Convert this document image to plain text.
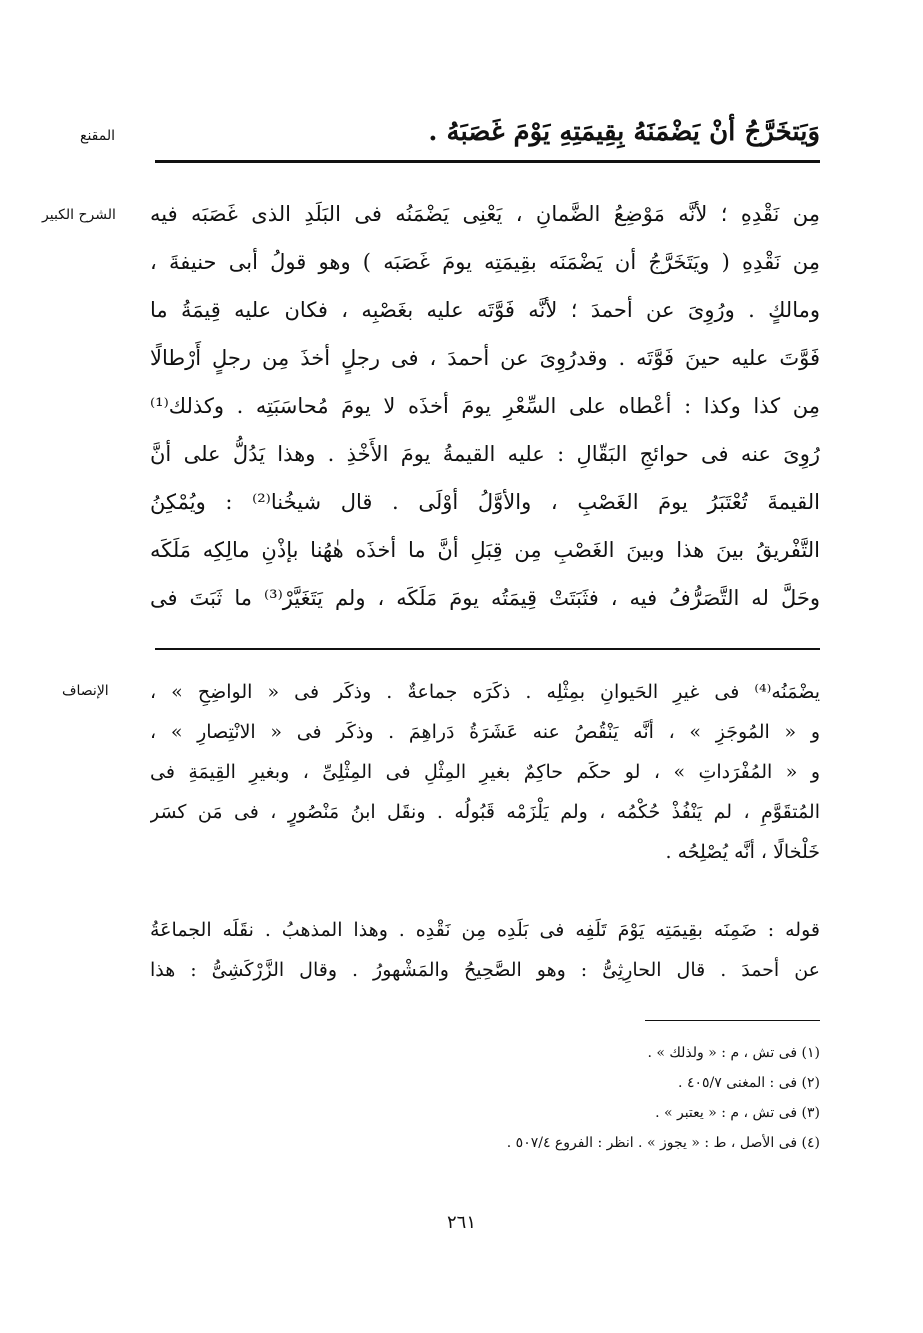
المقنع	وَيَتخَرَّجُ أنْ يَضْمَنَهُ بِقِيمَتِهِ يَوْمَ غَصَبَهُ .
الشرح الكبير مِن نَقْدِهِ ؛ لأنَّه مَوْضِعُ الضَّمانِ ، يَعْنِى يَضْمَنُه فى البَلَدِ الذى غَصَبَه فيه
مِن نَقْدِهِ ( ويَتَخَرَّجُ أن يَضْمَنَه بقِيمَتِه يومَ غَصَبَه ) وهو قولُ أبى حنيفةَ ،
ومالكٍ . ورُوِىَ عن أحمدَ ؛ لأنَّه فَوَّتَه عليه بغَصْبِه ، فكان عليه قِيمَةُ ما
فَوَّتَ عليه حينَ فَوَّتَه . وقدرُوِىَ عن أحمدَ ، فى رجلٍ أخذَ مِن رجلٍ أَرْطالًا
مِن كذا وكذا : أعْطاه على السِّعْرِ يومَ أخذَه لا يومَ مُحاسَبَتِه . وكذلك⁽¹⁾
رُوِىَ عنه فى حوائجِ البَقّالِ : عليه القيمةُ يومَ الأَخْذِ . وهذا يَدُلُّ على أنَّ
القيمةَ تُعْتَبَرُ يومَ الغَصْبِ ، والأوَّلُ أوْلَى . قال شيخُنا⁽²⁾ : ويُمْكِنُ
التَّفْريقُ بينَ هذا وبينَ الغَصْبِ مِن قِبَلِ أنَّ ما أخذَه هٰهُنا بإذْنِ مالِكِه مَلَكَه
وحَلَّ له التَّصَرُّفُ فيه ، فثَبَتَتْ قِيمَتُه يومَ مَلَكَه ، ولم يَتَغَيَّرْ⁽³⁾ ما ثَبَتَ فى
الإنصاف يضْمَنُه⁽⁴⁾ فى غيرِ الحَيوانِ بمِثْلِه . ذكَرَه جماعةٌ . وذكَر فى « الواضِحِ » ،
و « المُوجَزِ » ، أنَّه يَنْقُصُ عنه عَشَرَةُ دَراهِمَ . وذكَر فى « الانْتِصارِ » ،
و « المُفْرَداتِ » ، لو حكَم حاكِمٌ بغيرِ المِثْلِ فى المِثْلِىِّ ، وبغيرِ القِيمَةِ فى
المُتقَوَّمِ ، لم يَنْفُذْ حُكْمُه ، ولم يَلْزَمْه قَبُولُه . ونقَل ابنُ مَنْصُورٍ ، فى مَن كسَر
خَلْخالًا ، أنَّه يُصْلِحُه .
قوله : ضَمِنَه بقِيمَتِه يَوْمَ تَلَفِه فى بَلَدِه مِن نَقْدِه . وهذا المذهبُ . نقَلَه الجماعَةُ
عن أحمدَ . قال الحارِثِىُّ : وهو الصَّحِيحُ والمَشْهورُ . وقال الزَّرْكَشِىُّ : هذا
(١) فى تش ، م : « ولذلك » .
(٢) فى : المغنى ٤٠٥/٧ .
(٣) فى تش ، م : « يعتبر » .
(٤) فى الأصل ، ط : « يجوز » . انظر : الفروع ٥٠٧/٤ .
٢٦١
